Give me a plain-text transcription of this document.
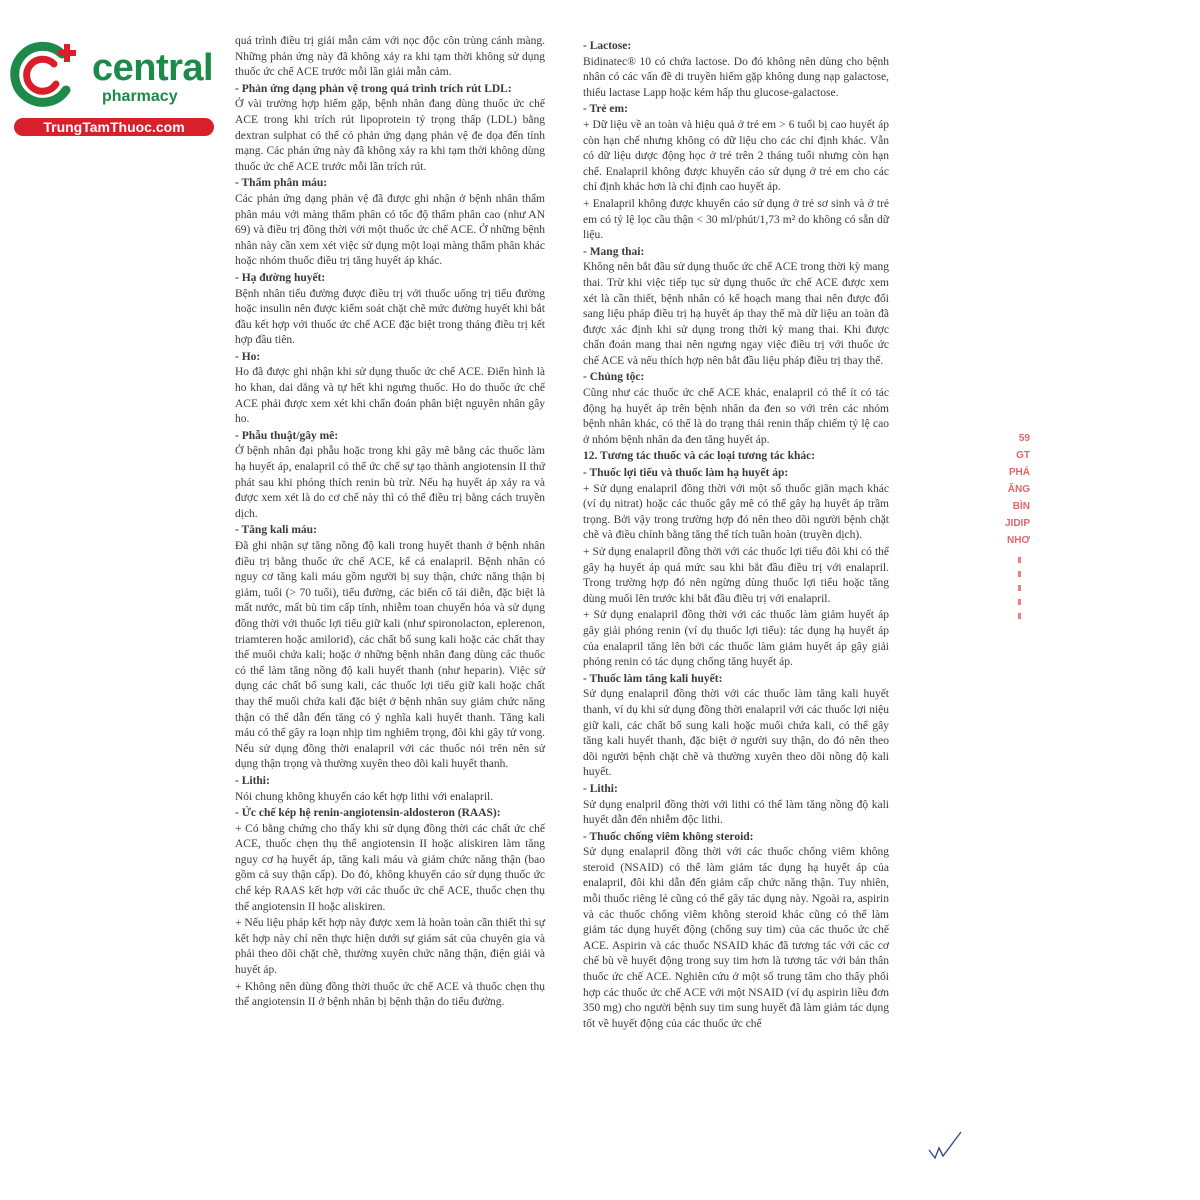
central
pharmacy
TrungTamThuoc.com

quá trình điều trị giải mẫn cảm với nọc độc côn trùng cánh màng. Những phản ứng này đã không xảy ra khi tạm thời không sử dụng thuốc ức chế ACE trước mỗi lần giải mẫn cảm.

- Phản ứng dạng phản vệ trong quá trình trích rút LDL:

Ở vài trường hợp hiếm gặp, bệnh nhân đang dùng thuốc ức chế ACE trong khi trích rút lipoprotein tỷ trọng thấp (LDL) bằng dextran sulphat có thể có phản ứng dạng phản vệ đe dọa đến tính mạng. Các phản ứng này đã không xảy ra khi tạm thời không dùng thuốc ức chế ACE trước mỗi lần trích rút.

- Thẩm phân máu:

Các phản ứng dạng phản vệ đã được ghi nhận ở bệnh nhân thẩm phân máu với màng thẩm phân có tốc độ thẩm phân cao (như AN 69) và điều trị đồng thời với một thuốc ức chế ACE. Ở những bệnh nhân này cần xem xét việc sử dụng một loại màng thẩm phân khác hoặc nhóm thuốc điều trị tăng huyết áp khác.

- Hạ đường huyết:

Bệnh nhân tiểu đường được điều trị với thuốc uống trị tiểu đường hoặc insulin nên được kiểm soát chặt chẽ mức đường huyết khi bắt đầu kết hợp với thuốc ức chế ACE đặc biệt trong tháng điều trị kết hợp đầu tiên.

- Ho:

Ho đã được ghi nhận khi sử dụng thuốc ức chế ACE. Điển hình là ho khan, dai dẳng và tự hết khi ngưng thuốc. Ho do thuốc ức chế ACE phải được xem xét khi chẩn đoán phân biệt nguyên nhân gây ho.

- Phẫu thuật/gây mê:

Ở bệnh nhân đại phẫu hoặc trong khi gây mê bằng các thuốc làm hạ huyết áp, enalapril có thể ức chế sự tạo thành angiotensin II thứ phát sau khi phóng thích renin bù trừ. Nếu hạ huyết áp xảy ra và được xem xét là do cơ chế này thì có thể điều trị bằng cách truyền dịch.

- Tăng kali máu:

Đã ghi nhận sự tăng nồng độ kali trong huyết thanh ở bệnh nhân điều trị bằng thuốc ức chế ACE, kể cả enalapril. Bệnh nhân có nguy cơ tăng kali máu gồm người bị suy thận, chức năng thận bị giảm, tuổi (> 70 tuổi), tiểu đường, các biến cố tái diễn, đặc biệt là mất nước, mất bù tim cấp tính, nhiễm toan chuyển hóa và sử dụng đồng thời với thuốc lợi tiểu giữ kali (như spironolacton, eplerenon, triamteren hoặc amilorid), các chất bổ sung kali hoặc các chất thay thế muối chứa kali; hoặc ở những bệnh nhân đang dùng các thuốc có thể làm tăng nồng độ kali huyết thanh (như heparin). Việc sử dụng các chất bổ sung kali, các thuốc lợi tiểu giữ kali hoặc chất thay thế muối chứa kali đặc biệt ở bệnh nhân suy giảm chức năng thận có thể dẫn đến tăng có ý nghĩa kali huyết thanh. Tăng kali máu có thể gây ra loạn nhịp tim nghiêm trọng, đôi khi gây tử vong. Nếu sử dụng đồng thời enalapril với các thuốc nói trên nên sử dụng thận trọng và thường xuyên theo dõi kali huyết thanh.

- Lithi:

Nói chung không khuyến cáo kết hợp lithi với enalapril.

- Ức chế kép hệ renin-angiotensin-aldosteron (RAAS):

+ Có bằng chứng cho thấy khi sử dụng đồng thời các chất ức chế ACE, thuốc chẹn thụ thể angiotensin II hoặc aliskiren làm tăng nguy cơ hạ huyết áp, tăng kali máu và giảm chức năng thận (bao gồm cả suy thận cấp). Do đó, không khuyến cáo sử dụng thuốc ức chế kép RAAS kết hợp với các thuốc ức chế ACE, thuốc chẹn thụ thể angiotensin II hoặc aliskiren.

+ Nếu liệu pháp kết hợp này được xem là hoàn toàn cần thiết thì sự kết hợp này chỉ nên thực hiện dưới sự giám sát của chuyên gia và phải theo dõi chặt chẽ, thường xuyên chức năng thận, điện giải và huyết áp.

+ Không nên dùng đồng thời thuốc ức chế ACE và thuốc chẹn thụ thể angiotensin II ở bệnh nhân bị bệnh thận do tiểu đường.

- Lactose:

Bidinatec® 10 có chứa lactose. Do đó không nên dùng cho bệnh nhân có các vấn đề di truyền hiếm gặp không dung nạp galactose, thiếu lactase Lapp hoặc kém hấp thu glucose-galactose.

- Trẻ em:

+ Dữ liệu về an toàn và hiệu quả ở trẻ em > 6 tuổi bị cao huyết áp còn hạn chế nhưng không có dữ liệu cho các chỉ định khác. Vẫn có dữ liệu dược động học ở trẻ trên 2 tháng tuổi nhưng còn hạn chế. Enalapril không được khuyến cáo sử dụng ở trẻ em cho các chỉ định khác hơn là chỉ định cao huyết áp.

+ Enalapril không được khuyến cáo sử dụng ở trẻ sơ sinh và ở trẻ em có tỷ lệ lọc cầu thận < 30 ml/phút/1,73 m² do không có sẵn dữ liệu.

- Mang thai:

Không nên bắt đầu sử dụng thuốc ức chế ACE trong thời kỳ mang thai. Trừ khi việc tiếp tục sử dụng thuốc ức chế ACE được xem xét là cần thiết, bệnh nhân có kế hoạch mang thai nên được đổi sang liệu pháp điều trị hạ huyết áp thay thế mà dữ liệu an toàn đã được xác định khi sử dụng trong thời kỳ mang thai. Khi được chẩn đoán mang thai nên ngưng ngay việc điều trị với thuốc ức chế ACE và nếu thích hợp nên bắt đầu liệu pháp điều trị thay thế.

- Chủng tộc:

Cũng như các thuốc ức chế ACE khác, enalapril có thể ít có tác động hạ huyết áp trên bệnh nhân da đen so với trên các nhóm bệnh nhân khác, có thể là do trạng thái renin thấp chiếm tỷ lệ cao ở nhóm bệnh nhân da đen tăng huyết áp.

12. Tương tác thuốc và các loại tương tác khác:

- Thuốc lợi tiểu và thuốc làm hạ huyết áp:

+ Sử dụng enalapril đồng thời với một số thuốc giãn mạch khác (ví dụ nitrat) hoặc các thuốc gây mê có thể gây hạ huyết áp trầm trọng. Bởi vậy trong trường hợp đó nên theo dõi người bệnh chặt chẽ và điều chỉnh bằng tăng thể tích tuần hoàn (truyền dịch).

+ Sử dụng enalapril đồng thời với các thuốc lợi tiểu đôi khi có thể gây hạ huyết áp quá mức sau khi bắt đầu điều trị với enalapril. Trong trường hợp đó nên ngừng dùng thuốc lợi tiểu hoặc tăng dùng muối lên trước khi bắt đầu điều trị với enalapril.

+ Sử dụng enalapril đồng thời với các thuốc làm giảm huyết áp gây giải phóng renin (ví dụ thuốc lợi tiểu): tác dụng hạ huyết áp của enalapril tăng lên bởi các thuốc làm giảm huyết áp gây giải phóng renin có tác dụng chống tăng huyết áp.

- Thuốc làm tăng kali huyết:

Sử dụng enalapril đồng thời với các thuốc làm tăng kali huyết thanh, ví dụ khi sử dụng đồng thời enalapril với các thuốc lợi niệu giữ kali, các chất bổ sung kali hoặc muối chứa kali, có thể gây tăng kali huyết thanh, đặc biệt ở người suy thận, do đó nên theo dõi người bệnh chặt chẽ và thường xuyên theo dõi nồng độ kali huyết.

- Lithi:

Sử dụng enalpril đồng thời với lithi có thể làm tăng nồng độ kali huyết dẫn đến nhiễm độc lithi.

- Thuốc chống viêm không steroid:

Sử dụng enalapril đồng thời với các thuốc chống viêm không steroid (NSAID) có thể làm giảm tác dụng hạ huyết áp của enalapril, đôi khi dẫn đến giảm cấp chức năng thận. Tuy nhiên, mỗi thuốc riêng lẻ cũng có thể gây tác dụng này. Ngoài ra, aspirin và các thuốc chống viêm không steroid khác cũng có thể làm giảm tác dụng huyết động (chống suy tim) của các thuốc ức chế ACE. Aspirin và các thuốc NSAID khác đã tương tác với các cơ chế bù về huyết động trong suy tim hơn là tương tác với bản thân thuốc ức chế ACE. Nghiên cứu ở một số trung tâm cho thấy phối hợp các thuốc ức chế ACE với một NSAID (ví dụ aspirin liều đơn 350 mg) cho người bệnh suy tim sung huyết đã làm giảm tác dụng tốt về huyết động của các thuốc ức chế

59
GT
PHÁ
ĂNG
BÌN
JIDIP
NHƠ
